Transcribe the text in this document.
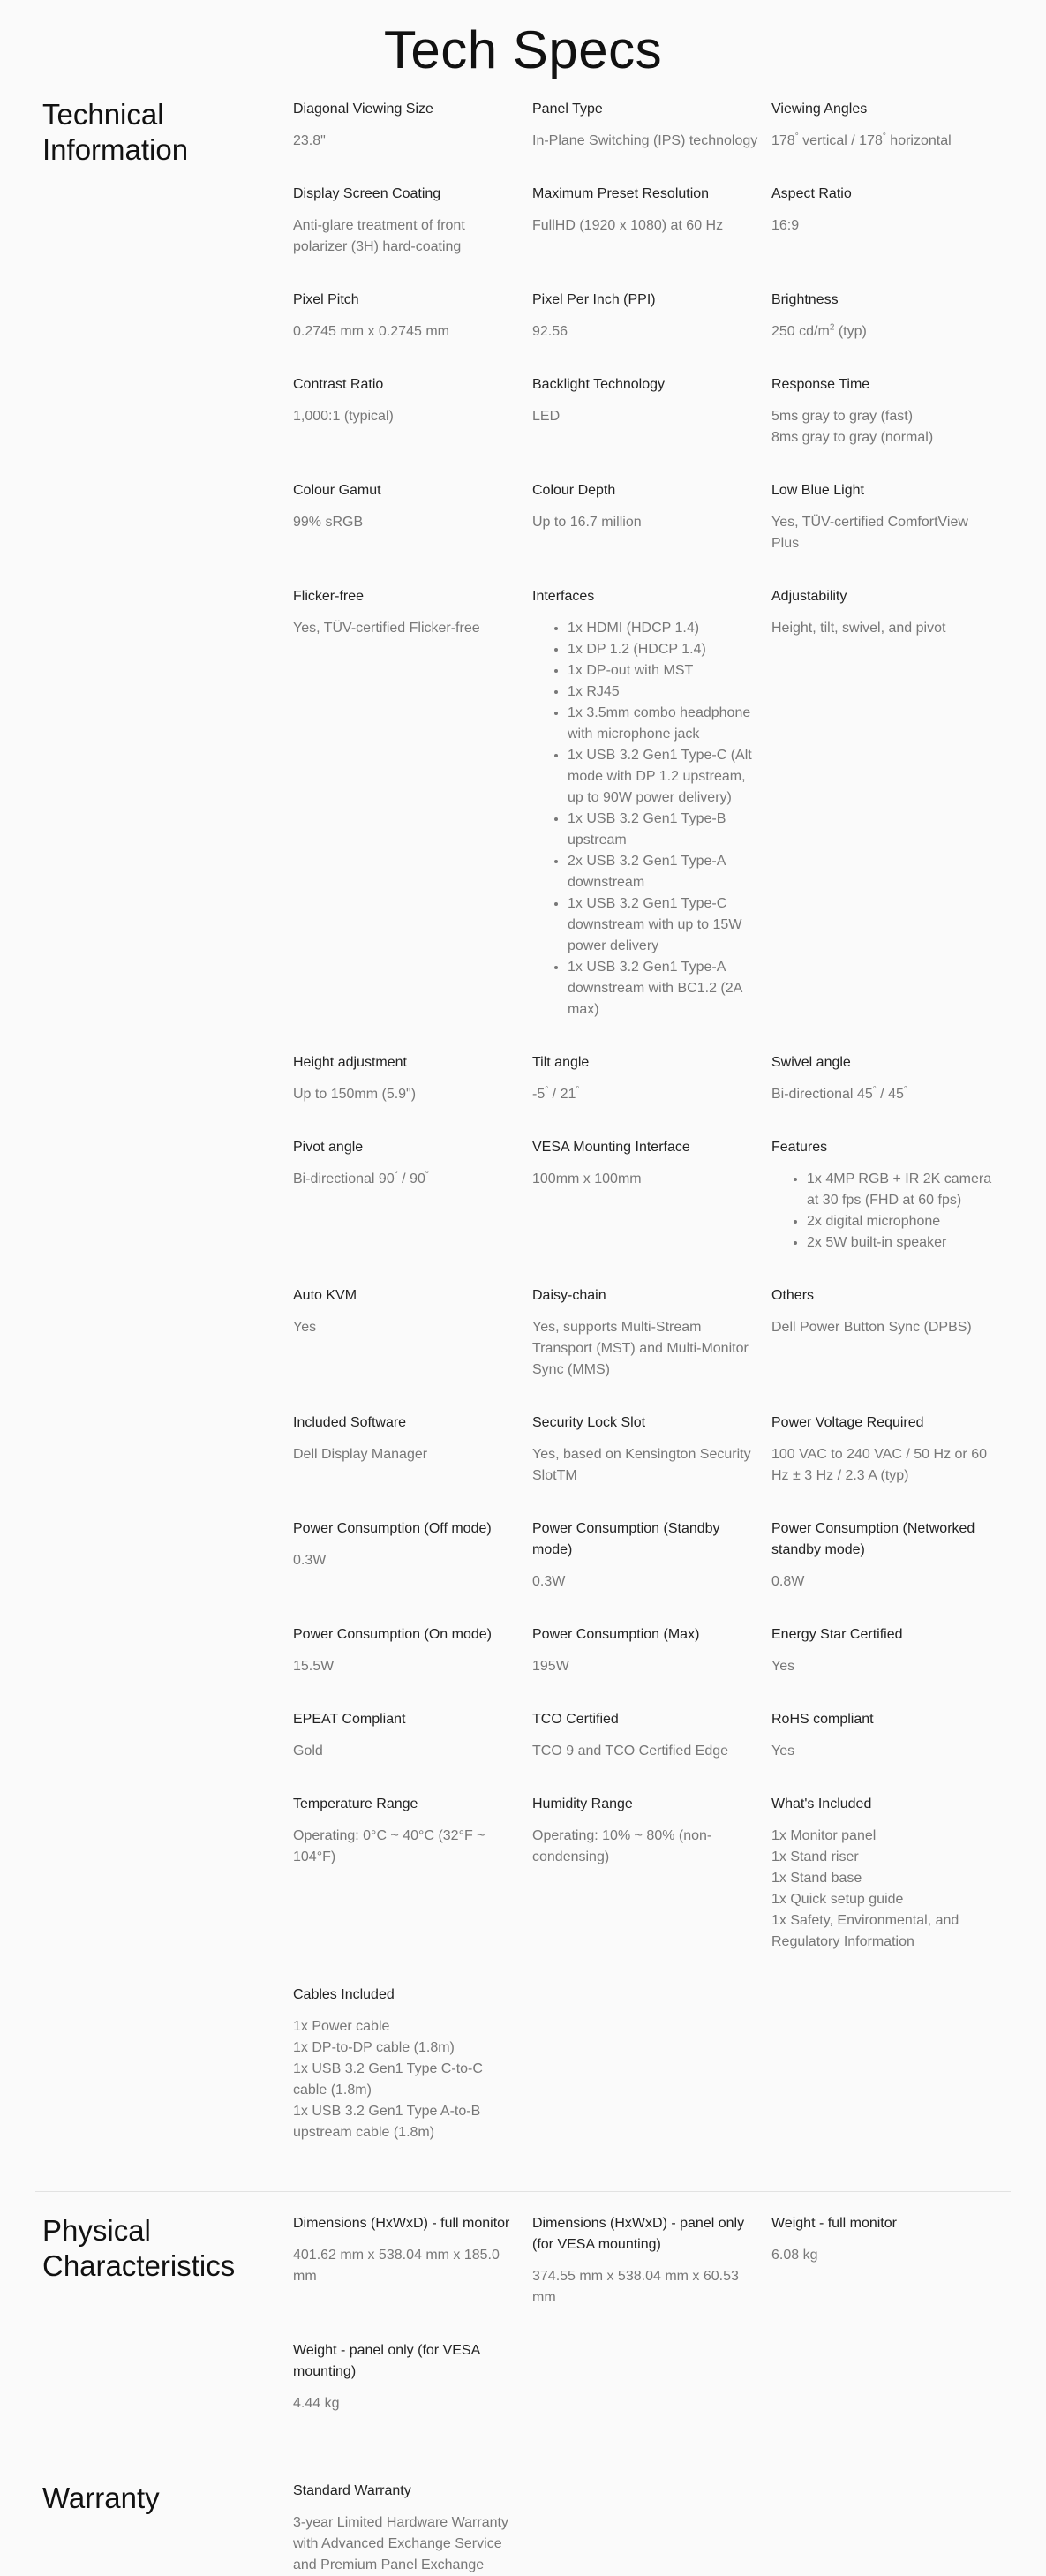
Tech Specs
Technical Information
Diagonal Viewing Size
23.8"
Panel Type
In-Plane Switching (IPS) technology
Viewing Angles
178° vertical / 178° horizontal
Display Screen Coating
Anti-glare treatment of front polarizer (3H) hard-coating
Maximum Preset Resolution
FullHD (1920 x 1080) at 60 Hz
Aspect Ratio
16:9
Pixel Pitch
0.2745 mm x 0.2745 mm
Pixel Per Inch (PPI)
92.56
Brightness
250 $cd/m^2$ (typ)
Contrast Ratio
1,000:1 (typical)
Backlight Technology
LED
Response Time
5ms gray to gray (fast)
8ms gray to gray (normal)
Colour Gamut
99% sRGB
Colour Depth
Up to 16.7 million
Low Blue Light
Yes, TÜV-certified ComfortView Plus
Flicker-free
Yes, TÜV-certified Flicker-free
Interfaces
• 1x HDMI (HDCP 1.4)
• 1x DP 1.2 (HDCP 1.4)
• 1x DP-out with MST
• 1x RJ45
• 1x 3.5mm combo headphone with microphone jack
• 1x USB 3.2 Gen1 Type-C (Alt mode with DP 1.2 upstream, up to 90W power delivery)
• 1x USB 3.2 Gen1 Type-B upstream
• 2x USB 3.2 Gen1 Type-A downstream
• 1x USB 3.2 Gen1 Type-C downstream with up to 15W power delivery
• 1x USB 3.2 Gen1 Type-A downstream with BC1.2 (2A max)
Adjustability
Height, tilt, swivel, and pivot
Height adjustment
Up to 150mm (5.9")
Tilt angle
-5° / 21°
Swivel angle
Bi-directional 45° / 45°
Pivot angle
Bi-directional 90° / 90°
VESA Mounting Interface
100mm x 100mm
Features
• 1x 4MP RGB + IR 2K camera at 30 fps (FHD at 60 fps)
• 2x digital microphone
• 2x 5W built-in speaker
Auto KVM
Yes
Daisy-chain
Yes, supports Multi-Stream Transport (MST) and Multi-Monitor Sync (MMS)
Others
Dell Power Button Sync (DPBS)
Included Software
Dell Display Manager
Security Lock Slot
Yes, based on Kensington Security SlotTM
Power Voltage Required
100 VAC to 240 VAC / 50 Hz or 60 Hz ± 3 Hz / 2.3 A (typ)
Power Consumption (Off mode)
0.3W
Power Consumption (Standby mode)
0.3W
Power Consumption (Networked standby mode)
0.8W
Power Consumption (On mode)
15.5W
Power Consumption (Max)
195W
Energy Star Certified
Yes
EPEAT Compliant
Gold
TCO Certified
TCO 9 and TCO Certified Edge
RoHS compliant
Yes
Temperature Range
Operating: 0°C ~ 40°C (32°F ~ 104°F)
Humidity Range
Operating: 10% ~ 80% (non-condensing)
What's Included
1x Monitor panel
1x Stand riser
1x Stand base
1x Quick setup guide
1x Safety, Environmental, and Regulatory Information
Cables Included
1x Power cable
1x DP-to-DP cable (1.8m)
1x USB 3.2 Gen1 Type C-to-C cable (1.8m)
1x USB 3.2 Gen1 Type A-to-B upstream cable (1.8m)
Physical Characteristics
Dimensions (HxWxD) - full monitor
401.62 mm x 538.04 mm x 185.0 mm
Dimensions (HxWxD) - panel only (for VESA mounting)
374.55 mm x 538.04 mm x 60.53 mm
Weight - full monitor
6.08 kg
Weight - panel only (for VESA mounting)
4.44 kg
Warranty	Standard Warranty
3-year Limited Hardware Warranty with Advanced Exchange Service and Premium Panel Exchange
